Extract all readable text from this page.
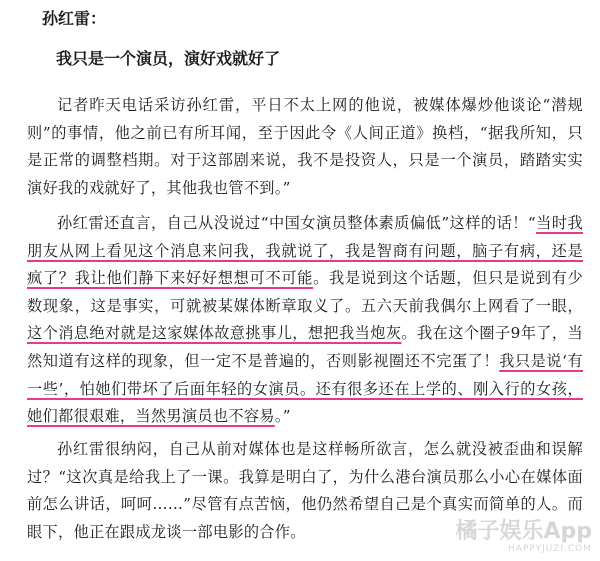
孙红雷：
我只是一个演员，演好戏就好了

记者昨天电话采访孙红雷，平日不太上网的他说，被媒体爆炒他谈论“潜规则”的事情，他之前已有所耳闻，至于因此令《人间正道》换档，“据我所知，只是正常的调整档期。对于这部剧来说，我不是投资人，只是一个演员，踏踏实实演好我的戏就好了，其他我也管不到。”

孙红雷还直言，自己从没说过“中国女演员整体素质偏低”这样的话！“当时我朋友从网上看见这个消息来问我，我就说了，我是智商有问题，脑子有病，还是疯了？我让他们静下来好好想想可不可能。我是说到这个话题，但只是说到有少数现象，这是事实，可就被某媒体断章取义了。五六天前我偶尔上网看了一眼，这个消息绝对就是这家媒体故意挑事儿，想把我当炮灰。我在这个圈子9年了，当然知道有这样的现象，但一定不是普遍的，否则影视圈还不完蛋了！我只是说‘有一些’，怕她们带坏了后面年轻的女演员。还有很多还在上学的、刚入行的女孩，她们都很艰难，当然男演员也不容易。”

孙红雷很纳闷，自己从前对媒体也是这样畅所欲言，怎么就没被歪曲和误解过？“这次真是给我上了一课。我算是明白了，为什么港台演员那么小心在媒体面前怎么讲话，呵呵……”尽管有点苦恼，他仍然希望自己是个真实而简单的人。而眼下，他正在跟成龙谈一部电影的合作。	橘子娱乐App
HAPPYJUZI.COM
